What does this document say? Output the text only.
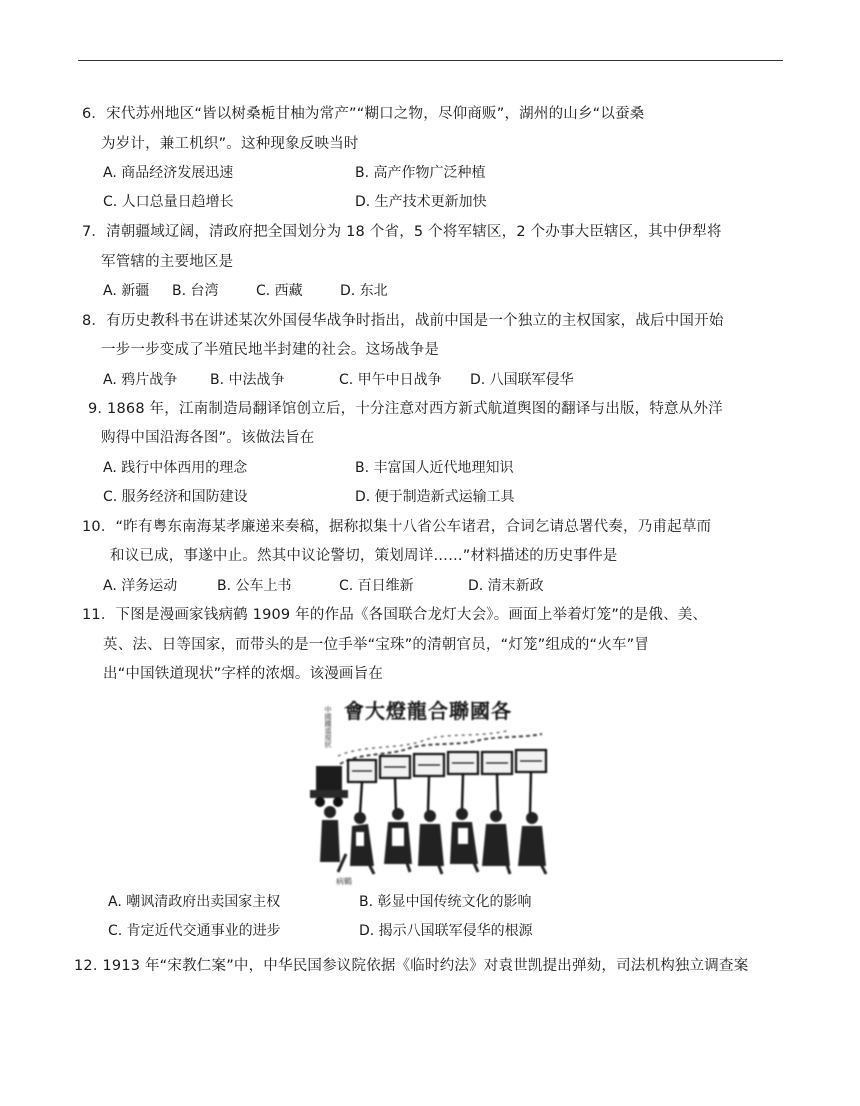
6．宋代苏州地区“皆以树桑栀甘柚为常产”“糊口之物，尽仰商贩”，湖州的山乡“以蚕桑
为岁计，兼工机织”。这种现象反映当时
A. 商品经济发展迅速	B. 高产作物广泛种植
C. 人口总量日趋增长	D. 生产技术更新加快
7．清朝疆域辽阔，清政府把全国划分为 18 个省，5 个将军辖区，2 个办事大臣辖区，其中伊犁将
军管辖的主要地区是
A. 新疆 B. 台湾	C. 西藏	D. 东北
8．有历史教科书在讲述某次外国侵华战争时指出，战前中国是一个独立的主权国家，战后中国开始
一步一步变成了半殖民地半封建的社会。这场战争是
A. 鸦片战争 B. 中法战争	C. 甲午中日战争 D. 八国联军侵华
9. 1868 年，江南制造局翻译馆创立后，十分注意对西方新式航道舆图的翻译与出版，特意从外洋
购得中国沿海各图”。该做法旨在
A. 践行中体西用的理念	B. 丰富国人近代地理知识
C. 服务经济和国防建设	D. 便于制造新式运输工具
10．“昨有粤东南海某孝廉递来奏稿，据称拟集十八省公车诸君，合词乞请总署代奏，乃甫起草而
和议已成，事遂中止。然其中议论警切，策划周详……”材料描述的历史事件是
A. 洋务运动	B. 公车上书	C. 百日维新	D. 清末新政
11．下图是漫画家钱病鹤 1909 年的作品《各国联合龙灯大会》。画面上举着灯笼”的是俄、美、
英、法、日等国家，而带头的是一位手举“宝珠”的清朝官员，“灯笼”组成的“火车”冒
出“中国铁道现状”字样的浓烟。该漫画旨在
會大燈龍合聯國各
中國鐵道現狀
病鶴
A. 嘲讽清政府出卖国家主权	B. 彰显中国传统文化的影响
C. 肯定近代交通事业的进步	D. 揭示八国联军侵华的根源
12. 1913 年“宋教仁案”中，中华民国参议院依据《临时约法》对袁世凯提出弹劾，司法机构独立调查案
